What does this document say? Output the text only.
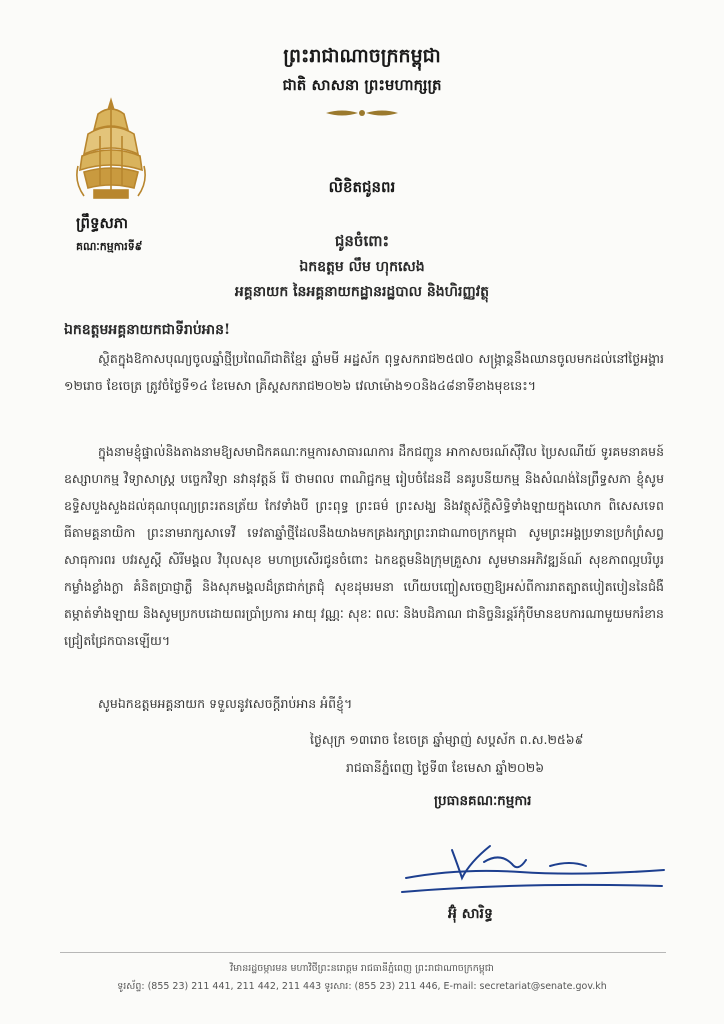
ព្រះរាជាណាចក្រកម្ពុជា
ជាតិ សាសនា ព្រះមហាក្សត្រ
ព្រឹទ្ធសភា
គណៈកម្មការទី៩
លិខិតជូនពរ
ជូនចំពោះ
ឯកឧត្តម លឹម ហុកសេង
អគ្គនាយក នៃអគ្គនាយកដ្ឋានរដ្ឋបាល និងហិរញ្ញវត្ថុ
ឯកឧត្តមអគ្គនាយកជាទីរាប់អាន!

ស្ថិតក្នុងឱកាសបុណ្យចូលឆ្នាំថ្មីប្រពៃណីជាតិខ្មែរ ឆ្នាំមមី អដ្ឋស័ក ពុទ្ធសករាជ២៥៧០ សង្ក្រាន្តនឹងឈានចូលមកដល់នៅថ្ងៃអង្គារ ១២រោច ខែចេត្រ ត្រូវចំថ្ងៃទី១៤ ខែមេសា គ្រិស្តសករាជ២០២៦ វេលាម៉ោង១០និង៤៨នាទីខាងមុខនេះ។

ក្នុងនាមខ្ញុំផ្ទាល់និងតាងនាមឱ្យសមាជិកគណៈកម្មការសាធារណការ ដឹកជញ្ជូន អាកាសចរណ៍ស៊ីវិល ប្រៃសណីយ៍ ទូរគមនាគមន៍ ឧស្សាហកម្ម វិទ្យាសាស្ត្រ បច្ចេកវិទ្យា នវានុវត្តន៍ រ៉ែ ថាមពល ពាណិជ្ជកម្ម រៀបចំដែនដី នគរូបនីយកម្ម និងសំណង់នៃព្រឹទ្ធសភា ខ្ញុំសូមឧទ្ទិសបួងសួងដល់គុណបុណ្យព្រះរតនត្រ័យ កែវទាំងបី ព្រះពុទ្ធ ព្រះធម៌ ព្រះសង្ឃ និងវត្ថុស័ក្តិសិទ្ធិទាំងឡាយក្នុងលោក ពិសេសទេពធីតាមគ្គនាយិកា ព្រះនាមរាក្សសាទេវី ទេវតាឆ្នាំថ្មីដែលនឹងយាងមកគ្រងរក្សាព្រះរាជាណាចក្រកម្ពុជា សូមព្រះអង្គប្រទានប្រកំព្រំសព្វសាធុការពរ បវរសួស្តី សិរីមង្គល វិបុលសុខ មហាប្រសើរជូនចំពោះ ឯកឧត្តមនិងក្រុមគ្រួសារ សូមមានអភិវឌ្ឍន៍ណ៍ សុខភាពល្អបរិបូរ កម្លាំងខ្លាំងក្លា គំនិតប្រាជ្ញាភ្លឺ និងសុភមង្គលដ៏ត្រជាក់ត្រជុំ សុខដុមរមនា ហើយបញ្ចៀសចេញឱ្យអស់ពីការរាតត្បាតបៀតបៀននៃជំងឺតម្កាត់ទាំងឡាយ និងសូមប្រកបដោយពរប្រាំប្រការ អាយុ វណ្ណៈ សុខៈ ពលៈ និងបដិភាណ ជានិច្ចនិរន្តរ៍កុំបីមានឧបការណាមួយមករំខានជ្រៀតជ្រែកបានឡើយ។

សូមឯកឧត្តមអគ្គនាយក ទទួលនូវសេចក្តីរាប់អាន អំពីខ្ញុំ។

ថ្ងៃសុក្រ ១៣រោច ខែចេត្រ ឆ្នាំម្សាញ់ សប្តស័ក ព.ស.២៥៦៩
រាជធានីភ្នំពេញ ថ្ងៃទី៣ ខែមេសា ឆ្នាំ២០២៦
ប្រធានគណៈកម្មការ
អ៊ុំ សារិទ្ធ
វិមានរដ្ឋចម្ការមន មហាវិថីព្រះនរោត្តម រាជធានីភ្នំពេញ ព្រះរាជាណាចក្រកម្ពុជា
ទូរស័ព្ទ: (855 23) 211 441, 211 442, 211 443 ទូរសារ: (855 23) 211 446, E-mail: secretariat@senate.gov.kh
